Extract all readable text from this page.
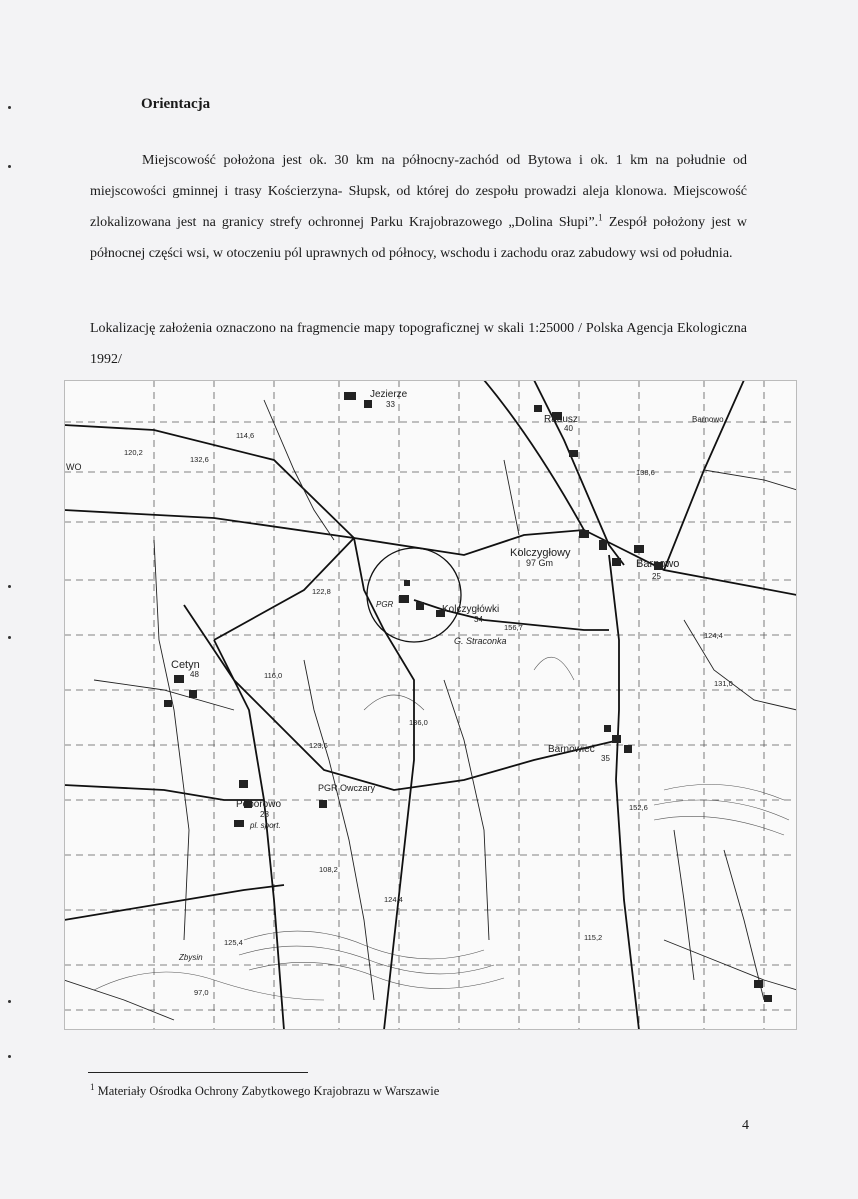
Orientacja

Miejscowość położona jest ok. 30 km na północny-zachód od Bytowa i ok. 1 km na południe od miejscowości gminnej i trasy Kościerzyna- Słupsk, od której do zespołu prowadzi aleja klonowa. Miejscowość zlokalizowana jest na granicy strefy ochronnej Parku Krajobrazowego „Dolina Słupi”.$^1$ Zespół położony jest w północnej części wsi, w otoczeniu pól uprawnych od północy, wschodu i zachodu oraz zabudowy wsi od południa.

Lokalizację założenia oznaczono na fragmencie mapy topograficznej w skali 1:25000 / Polska Agencja Ekologiczna 1992/

Jezierze
33
Radusz
40
Barnowo
Kolczygłowy
97 Gm	Barnowo
25
Kolczygłówki
34
G. Straconka
Cetyn
48
Barnowiec
35
PGR Owczary
Poborowo
28
pl. sport.
PGR
WO
Zbysin
114,6
120,2
132,6
122,8
116,0
136,0
123,6
108,2
124,4
115,2
125,4
97,0
152,6
124,4
131,0
138,6
156,7
$^1$ Materiały Ośrodka Ochrony Zabytkowego Krajobrazu w Warszawie
4
